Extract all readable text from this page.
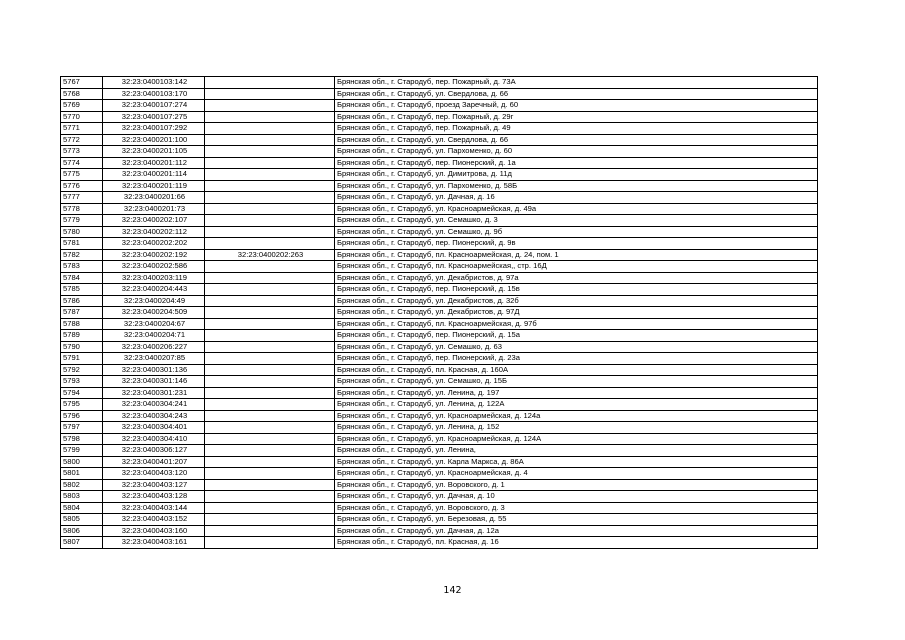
5767	32:23:0400103:142		Брянская обл., г. Стародуб, пер. Пожарный, д. 73А
5768	32:23:0400103:170		Брянская обл., г. Стародуб, ул. Свердлова, д. 66
5769	32:23:0400107:274		Брянская обл., г. Стародуб, проезд Заречный, д. 60
5770	32:23:0400107:275		Брянская обл., г. Стародуб, пер. Пожарный, д. 29г
5771	32:23:0400107:292		Брянская обл., г. Стародуб, пер. Пожарный, д. 49
5772	32:23:0400201:100		Брянская обл., г. Стародуб, ул. Свердлова, д. 66
5773	32:23:0400201:105		Брянская обл., г. Стародуб, ул. Пархоменко, д. 60
5774	32:23:0400201:112		Брянская обл., г. Стародуб, пер. Пионерский, д. 1а
5775	32:23:0400201:114		Брянская обл., г. Стародуб, ул. Димитрова, д. 11д
5776	32:23:0400201:119		Брянская обл., г. Стародуб, ул. Пархоменко, д. 58Б
5777	32:23:0400201:66		Брянская обл., г. Стародуб, ул. Дачная, д. 16
5778	32:23:0400201:73		Брянская обл., г. Стародуб, ул. Красноармейская, д. 49а
5779	32:23:0400202:107		Брянская обл., г. Стародуб, ул. Семашко, д. 3
5780	32:23:0400202:112		Брянская обл., г. Стародуб, ул. Семашко, д. 9б
5781	32:23:0400202:202		Брянская обл., г. Стародуб, пер. Пионерский, д. 9в
5782	32:23:0400202:192	32:23:0400202:263	Брянская обл., г. Стародуб, пл. Красноармейская, д. 24, пом. 1
5783	32:23:0400202:586		Брянская обл., г. Стародуб, пл. Красноармейская,, стр. 16Д
5784	32:23:0400203:119		Брянская обл., г. Стародуб, ул. Декабристов, д. 97а
5785	32:23:0400204:443		Брянская обл., г. Стародуб, пер. Пионерский, д. 15в
5786	32:23:0400204:49		Брянская обл., г. Стародуб, ул. Декабристов, д. 32б
5787	32:23:0400204:509		Брянская обл., г. Стародуб, ул. Декабристов, д. 97Д
5788	32:23:0400204:67		Брянская обл., г. Стародуб, пл. Красноармейская, д. 97б
5789	32:23:0400204:71		Брянская обл., г. Стародуб, пер. Пионерский, д. 15а
5790	32:23:0400206:227		Брянская обл., г. Стародуб, ул. Семашко, д. 63
5791	32:23:0400207:85		Брянская обл., г. Стародуб, пер. Пионерский, д. 23а
5792	32:23:0400301:136		Брянская обл., г. Стародуб, пл. Красная, д. 160А
5793	32:23:0400301:146		Брянская обл., г. Стародуб, ул. Семашко, д. 15Б
5794	32:23:0400301:231		Брянская обл., г. Стародуб, ул. Ленина, д. 197
5795	32:23:0400304:241		Брянская обл., г. Стародуб, ул. Ленина, д. 122А
5796	32:23:0400304:243		Брянская обл., г. Стародуб, ул. Красноармейская, д. 124а
5797	32:23:0400304:401		Брянская обл., г. Стародуб, ул. Ленина, д. 152
5798	32:23:0400304:410		Брянская обл., г. Стародуб, ул. Красноармейская, д. 124А
5799	32:23:0400306:127		Брянская обл., г. Стародуб, ул. Ленина,
5800	32:23:0400401:207		Брянская обл., г. Стародуб, ул. Карла Маркса, д. 86А
5801	32:23:0400403:120		Брянская обл., г. Стародуб, ул. Красноармейская, д. 4
5802	32:23:0400403:127		Брянская обл., г. Стародуб, ул. Воровского, д. 1
5803	32:23:0400403:128		Брянская обл., г. Стародуб, ул. Дачная, д. 10
5804	32:23:0400403:144		Брянская обл., г. Стародуб, ул. Воровского, д. 3
5805	32:23:0400403:152		Брянская обл., г. Стародуб, ул. Березовая, д. 55
5806	32:23:0400403:160		Брянская обл., г. Стародуб, ул. Дачная, д. 12а
5807	32:23:0400403:161		Брянская обл., г. Стародуб, пл. Красная, д. 16
142
